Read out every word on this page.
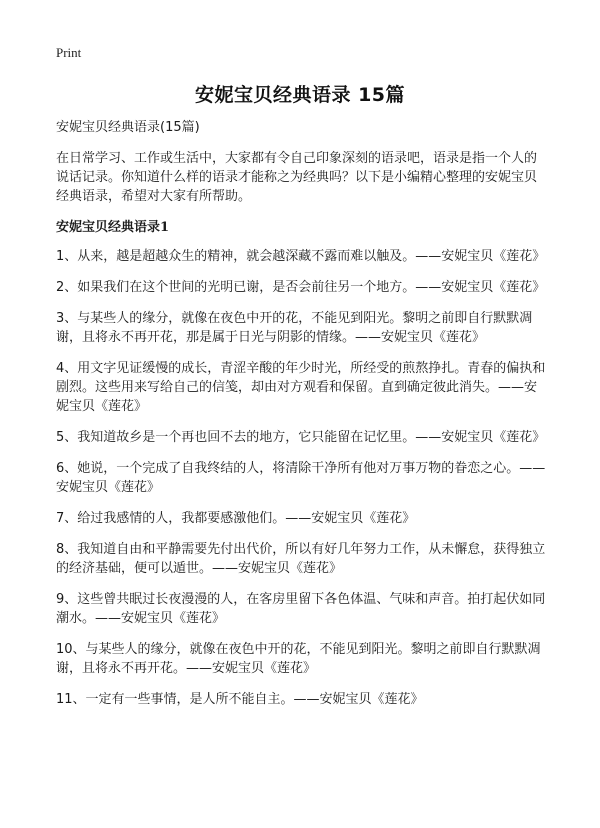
Print
安妮宝贝经典语录 15篇

安妮宝贝经典语录(15篇)

在日常学习、工作或生活中，大家都有令自己印象深刻的语录吧，语录是指一个人的说话记录。你知道什么样的语录才能称之为经典吗？以下是小编精心整理的安妮宝贝经典语录，希望对大家有所帮助。

安妮宝贝经典语录1

1、从来，越是超越众生的精神，就会越深藏不露而难以触及。——安妮宝贝《莲花》

2、如果我们在这个世间的光明已谢，是否会前往另一个地方。——安妮宝贝《莲花》

3、与某些人的缘分，就像在夜色中开的花，不能见到阳光。黎明之前即自行默默凋谢，且将永不再开花，那是属于日光与阴影的情缘。——安妮宝贝《莲花》

4、用文字见证缓慢的成长，青涩辛酸的年少时光，所经受的煎熬挣扎。青春的偏执和剧烈。这些用来写给自己的信笺，却由对方观看和保留。直到确定彼此消失。——安妮宝贝《莲花》

5、我知道故乡是一个再也回不去的地方，它只能留在记忆里。——安妮宝贝《莲花》

6、她说，一个完成了自我终结的人，将清除干净所有他对万事万物的眷恋之心。——安妮宝贝《莲花》

7、给过我感情的人，我都要感激他们。——安妮宝贝《莲花》

8、我知道自由和平静需要先付出代价，所以有好几年努力工作，从未懈怠，获得独立的经济基础，便可以遁世。——安妮宝贝《莲花》

9、这些曾共眠过长夜漫漫的人，在客房里留下各色体温、气味和声音。拍打起伏如同潮水。——安妮宝贝《莲花》

10、与某些人的缘分，就像在夜色中开的花，不能见到阳光。黎明之前即自行默默凋谢，且将永不再开花。——安妮宝贝《莲花》

11、一定有一些事情，是人所不能自主。——安妮宝贝《莲花》
